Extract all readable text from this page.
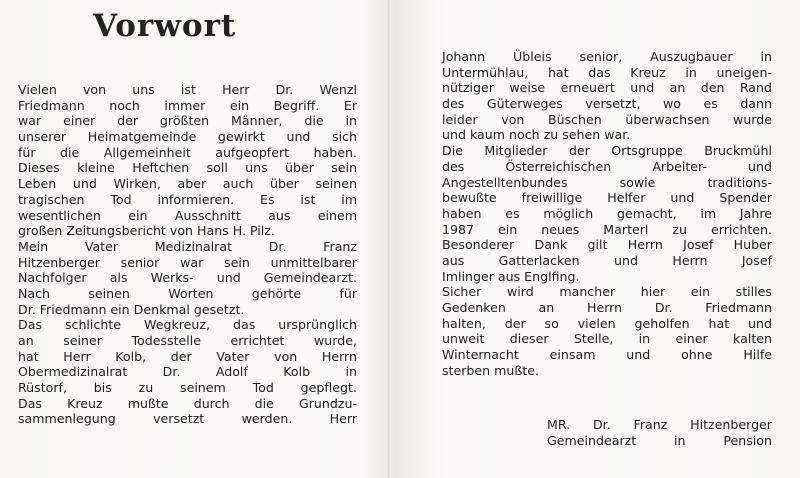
Vorwort
Vielen von uns ist Herr Dr. Wenzl
Friedmann noch immer ein Begriff. Er
war einer der größten Männer, die in
unserer Heimatgemeinde gewirkt und sich
für die Allgemeinheit aufgeopfert haben.
Dieses kleine Heftchen soll uns über sein
Leben und Wirken, aber auch über seinen
tragischen Tod informieren. Es ist im
wesentlichen ein Ausschnitt aus einem
großen Zeitungsbericht von Hans H. Pilz.
Mein Vater Medizinalrat Dr. Franz
Hitzenberger senior war sein unmittelbarer
Nachfolger als Werks- und Gemeindearzt.
Nach seinen Worten gehörte für
Dr. Friedmann ein Denkmal gesetzt.
Das schlichte Wegkreuz, das ursprünglich
an seiner Todesstelle errichtet wurde,
hat Herr Kolb, der Vater von Herrn
Obermedizinalrat Dr. Adolf Kolb in
Rüstorf, bis zu seinem Tod gepflegt.
Das Kreuz mußte durch die Grundzu-
sammenlegung versetzt werden. Herr
Johann Übleis senior, Auszugbauer in
Untermühlau, hat das Kreuz in uneigen-
nütziger weise erneuert und an den Rand
des Güterweges versetzt, wo es dann
leider von Büschen überwachsen wurde
und kaum noch zu sehen war.
Die Mitglieder der Ortsgruppe Bruckmühl
des Österreichischen Arbeiter- und
Angestelltenbundes sowie traditions-
bewußte freiwillige Helfer und Spender
haben es möglich gemacht, im Jahre
1987 ein neues Marterl zu errichten.
Besonderer Dank gilt Herrn Josef Huber
aus Gatterlacken und Herrn Josef
Imlinger aus Englfing.
Sicher wird mancher hier ein stilles
Gedenken an Herrn Dr. Friedmann
halten, der so vielen geholfen hat und
unweit dieser Stelle, in einer kalten
Winternacht einsam und ohne Hilfe
sterben mußte.
MR. Dr. Franz Hitzenberger
Gemeindearzt in Pension
